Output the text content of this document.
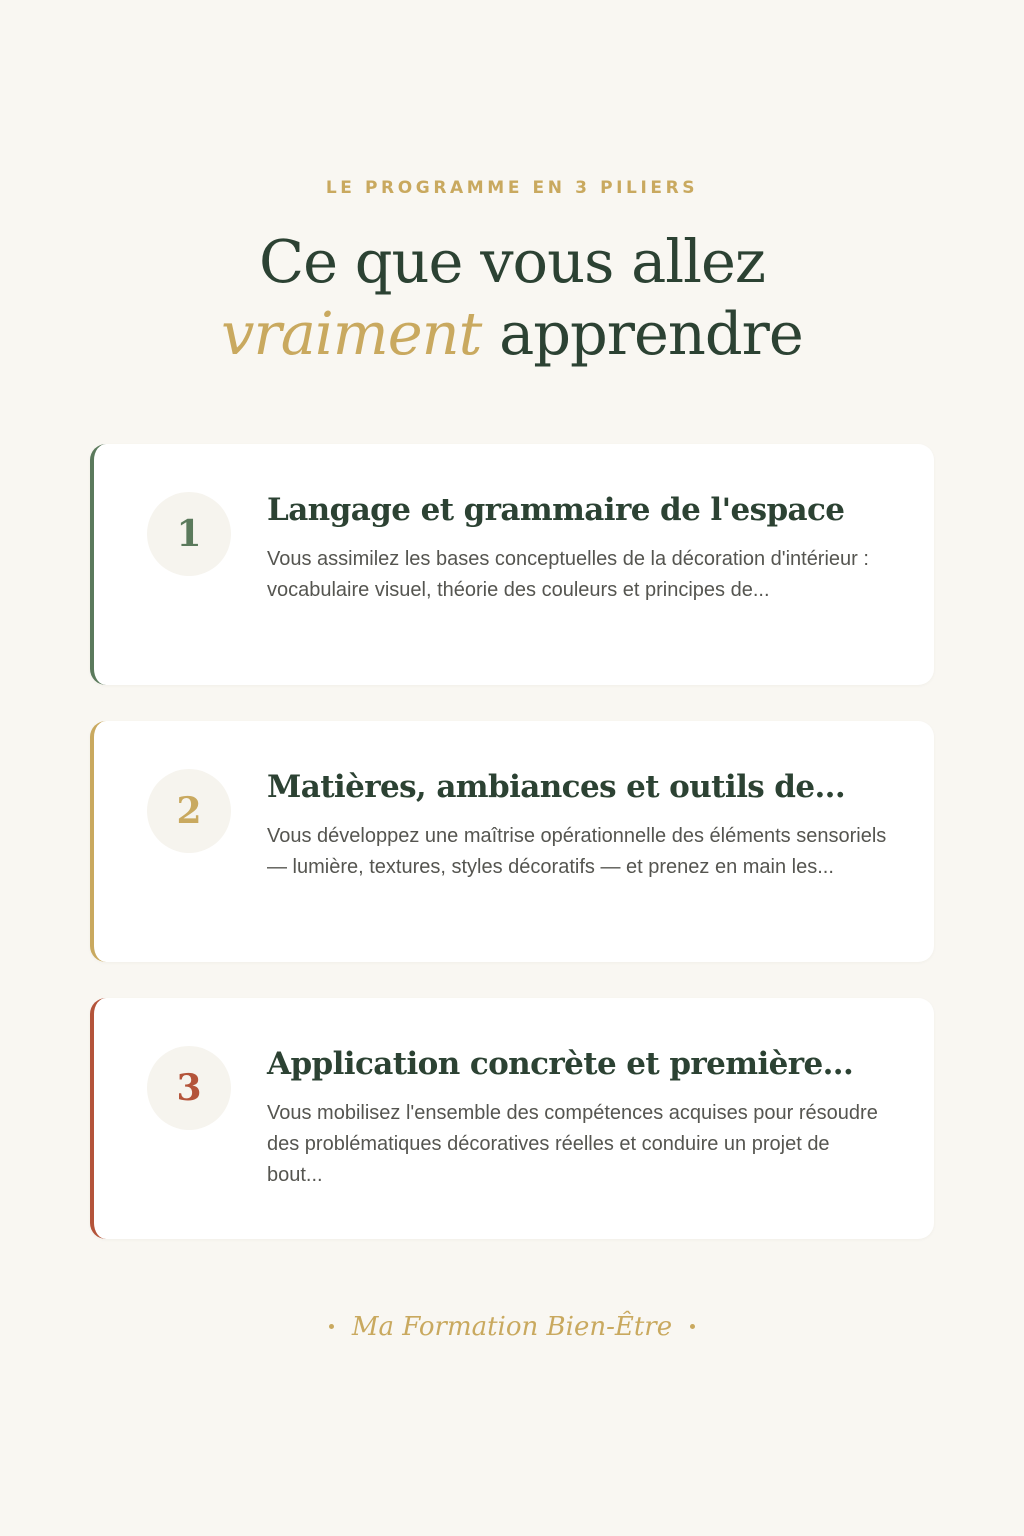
LE PROGRAMME EN 3 PILIERS
Ce que vous allez
vraiment apprendre
1
Langage et grammaire de l'espace
Vous assimilez les bases conceptuelles de la décoration d'intérieur : vocabulaire visuel, théorie des couleurs et principes de...
2
Matières, ambiances et outils de...
Vous développez une maîtrise opérationnelle des éléments sensoriels — lumière, textures, styles décoratifs — et prenez en main les...
3
Application concrète et première...
Vous mobilisez l'ensemble des compétences acquises pour résoudre des problématiques décoratives réelles et conduire un projet de bout...
Ma Formation Bien-Être
